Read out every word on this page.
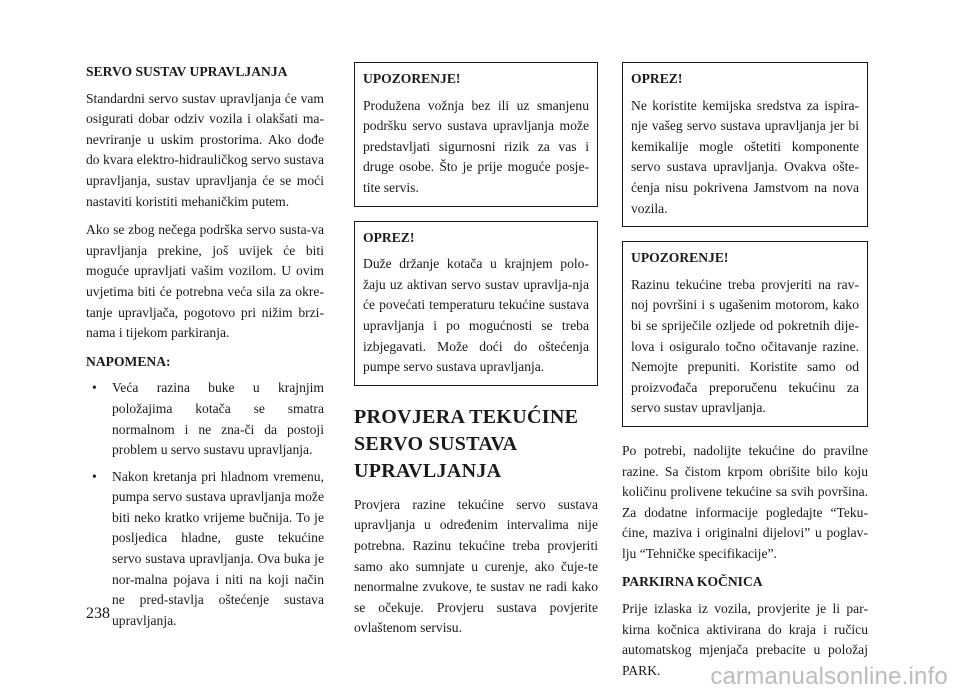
SERVO SUSTAV UPRAVLJANJA

Standardni servo sustav upravljanja će vam osigurati dobar odziv vozila i olakšati ma-nevriranje u uskim prostorima. Ako dođe do kvara elektro-hidrauličkog servo sustava upravljanja, sustav upravljanja će se moći nastaviti koristiti mehaničkim putem.

Ako se zbog nečega podrška servo susta-va upravljanja prekine, još uvijek će biti moguće upravljati vašim vozilom. U ovim uvjetima biti će potrebna veća sila za okre-tanje upravljača, pogotovo pri nižim brzi-nama i tijekom parkiranja.

NAPOMENA:
• Veća razina buke u krajnjim položajima kotača se smatra normalnom i ne zna-či da postoji problem u servo sustavu upravljanja.
• Nakon kretanja pri hladnom vremenu, pumpa servo sustava upravljanja može biti neko kratko vrijeme bučnija. To je posljedica hladne, guste tekućine servo sustava upravljanja. Ova buka je nor-malna pojava i niti na koji način ne pred-stavlja oštećenje sustava upravljanja.
UPOZORENJE!

Produžena vožnja bez ili uz smanjenu podršku servo sustava upravljanja može predstavljati sigurnosni rizik za vas i druge osobe. Što je prije moguće posje-tite servis.

OPREZ!

Duže držanje kotača u krajnjem polo-žaju uz aktivan servo sustav upravlja-nja će povećati temperaturu tekućine sustava upravljanja i po mogućnosti se treba izbjegavati. Može doći do oštećenja pumpe servo sustava upravljanja.

PROVJERA TEKUĆINE SERVO SUSTAVA UPRAVLJANJA

Provjera razine tekućine servo sustava upravljanja u određenim intervalima nije potrebna. Razinu tekućine treba provjeriti samo ako sumnjate u curenje, ako čuje-te nenormalne zvukove, te sustav ne radi kako se očekuje. Provjeru sustava povjerite ovlaštenom servisu.

OPREZ!

Ne koristite kemijska sredstva za ispira-nje vašeg servo sustava upravljanja jer bi kemikalije mogle oštetiti komponente servo sustava upravljanja. Ovakva ošte-ćenja nisu pokrivena Jamstvom na nova vozila.

UPOZORENJE!

Razinu tekućine treba provjeriti na rav-noj površini i s ugašenim motorom, kako bi se spriječile ozljede od pokretnih dije-lova i osiguralo točno očitavanje razine. Nemojte prepuniti. Koristite samo od proizvođača preporučenu tekućinu za servo sustav upravljanja.

Po potrebi, nadolijte tekućine do pravilne razine. Sa čistom krpom obrišite bilo koju količinu prolivene tekućine sa svih površina. Za dodatne informacije pogledajte “Teku-ćine, maziva i originalni dijelovi” u poglav-lju “Tehničke specifikacije”.

PARKIRNA KOČNICA

Prije izlaska iz vozila, provjerite je li par-kirna kočnica aktivirana do kraja i ručicu automatskog mjenjača prebacite u položaj PARK.

238
carmanualsonline.info
